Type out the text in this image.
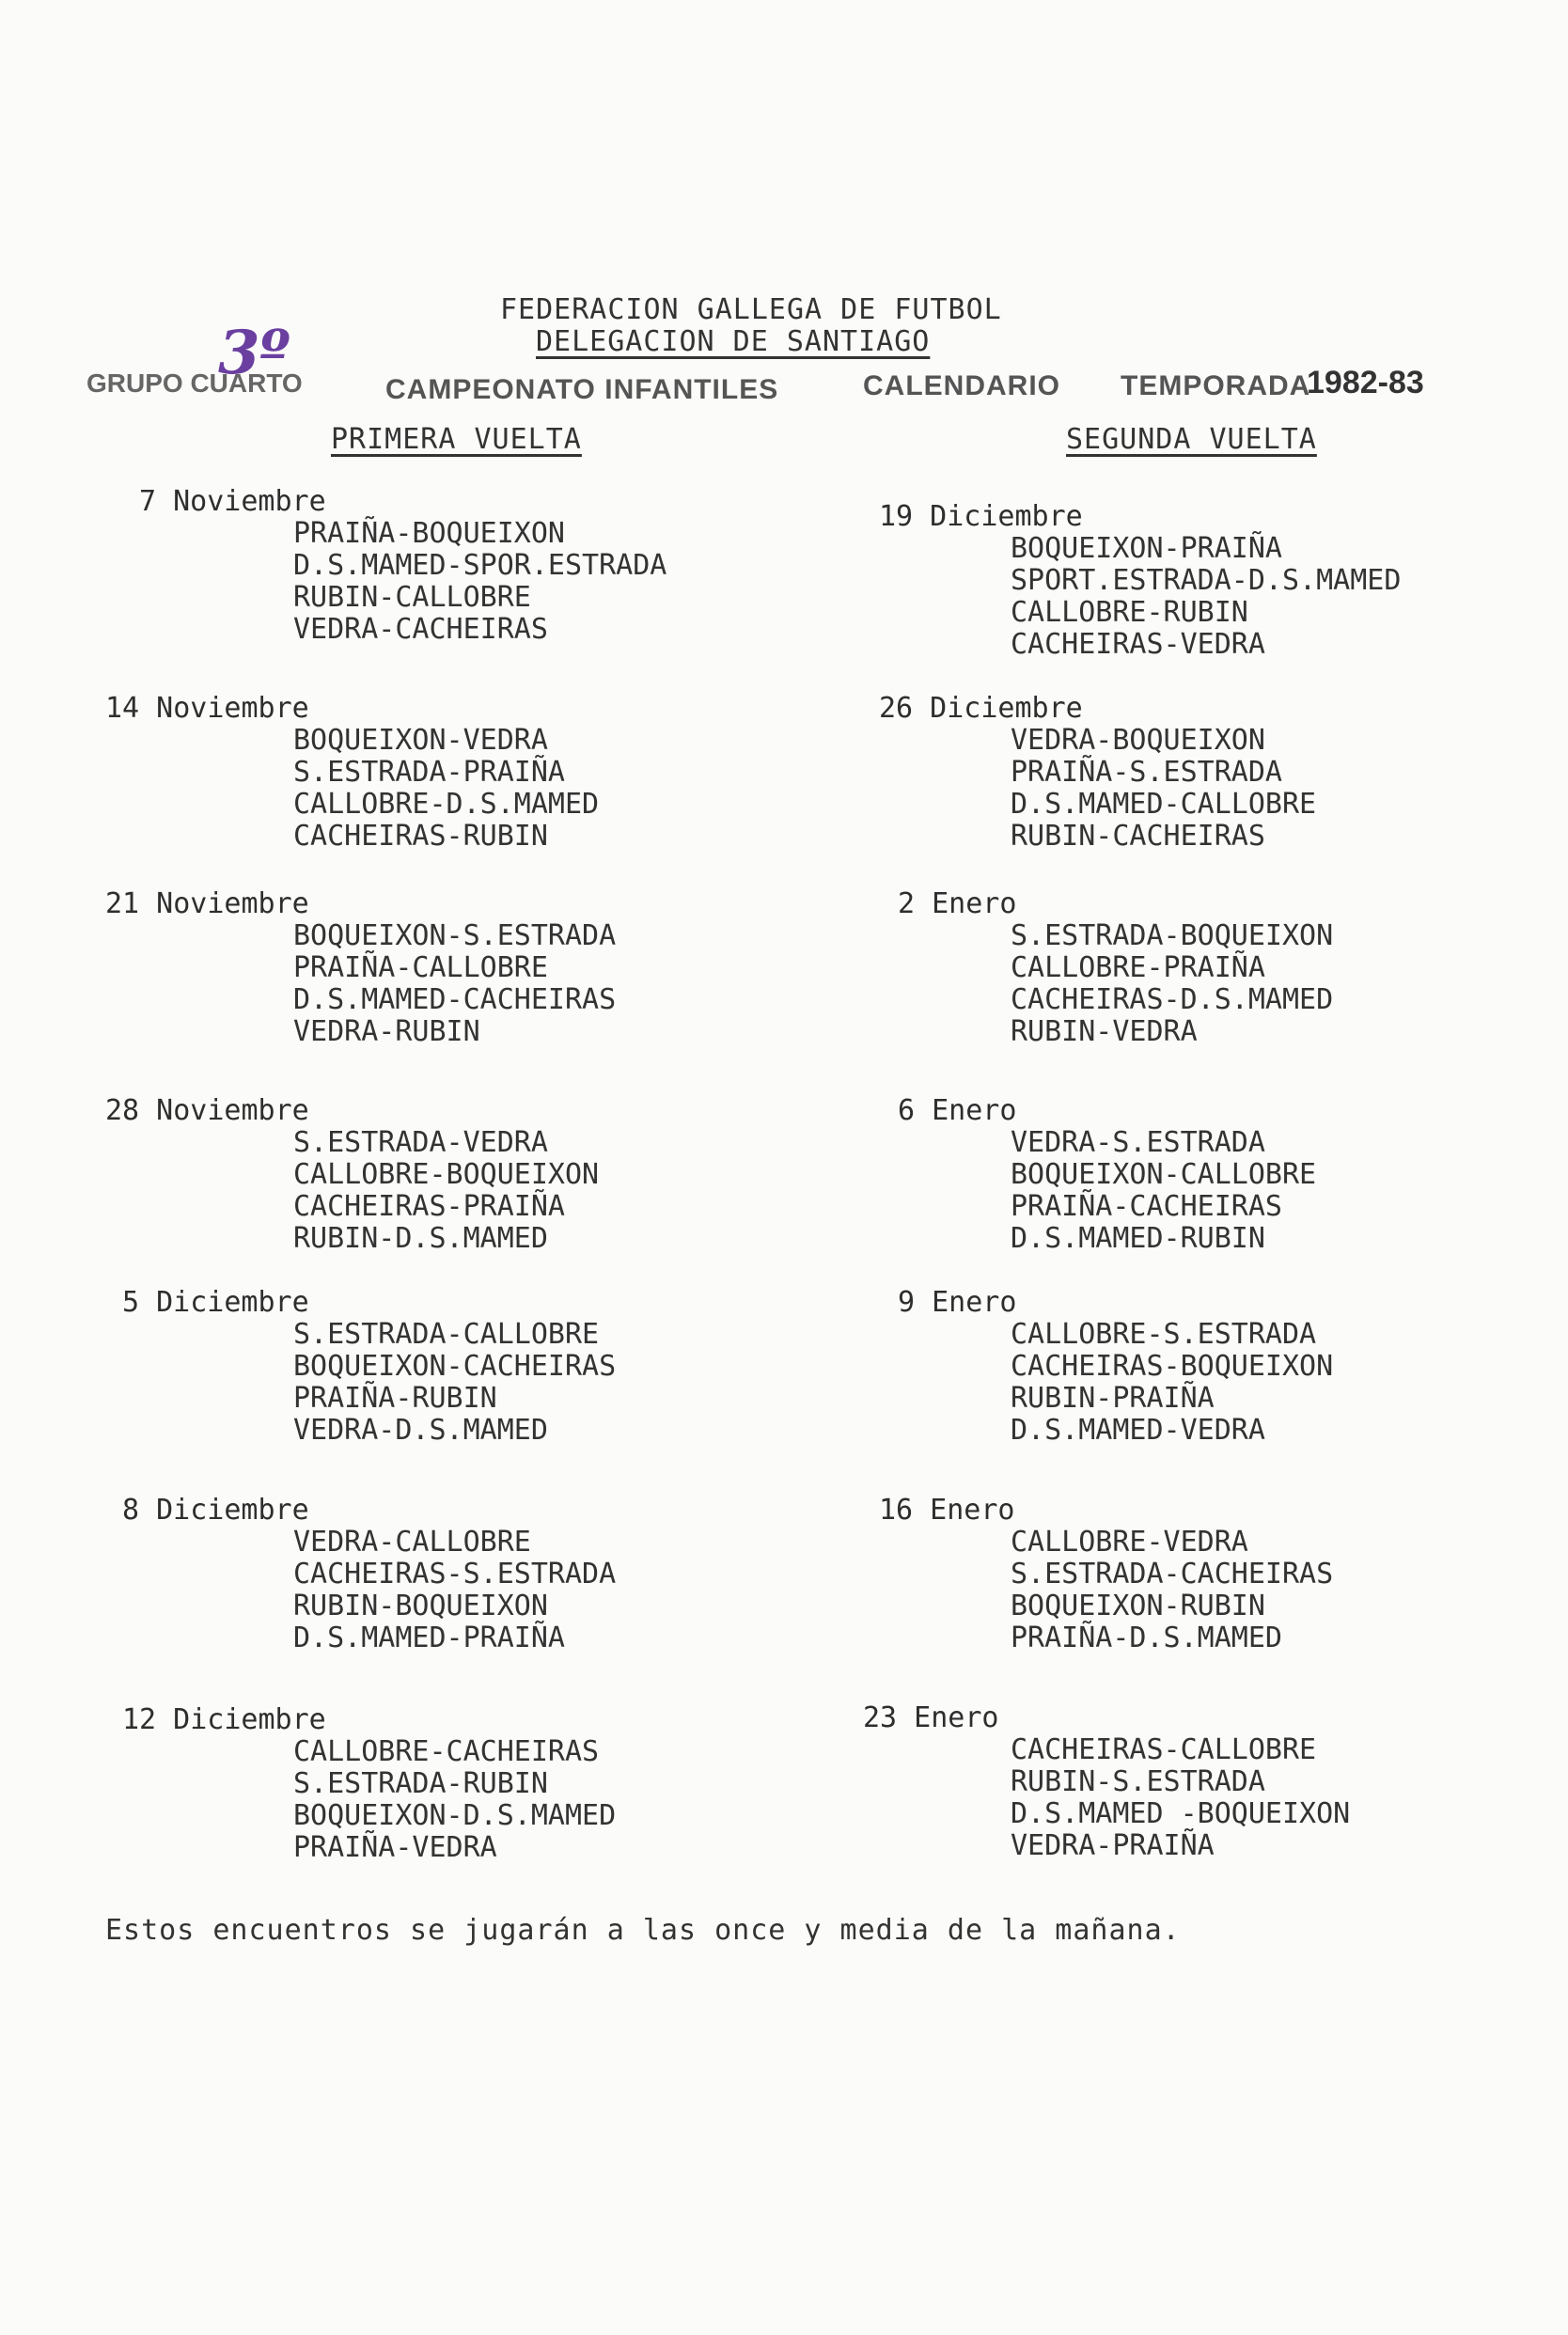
FEDERACION GALLEGA DE FUTBOL
DELEGACION DE SANTIAGO
GRUPO CUARTO
3º
CAMPEONATO INFANTILES	CALENDARIO TEMPORADA
1982-83
PRIMERA VUELTA	SEGUNDA VUELTA
7 Noviembre
PRAIÑA-BOQUEIXON
D.S.MAMED-SPOR.ESTRADA
RUBIN-CALLOBRE
VEDRA-CACHEIRAS
14 Noviembre
BOQUEIXON-VEDRA
S.ESTRADA-PRAIÑA
CALLOBRE-D.S.MAMED
CACHEIRAS-RUBIN
21 Noviembre
BOQUEIXON-S.ESTRADA
PRAIÑA-CALLOBRE
D.S.MAMED-CACHEIRAS
VEDRA-RUBIN
28 Noviembre
S.ESTRADA-VEDRA
CALLOBRE-BOQUEIXON
CACHEIRAS-PRAIÑA
RUBIN-D.S.MAMED
5 Diciembre
S.ESTRADA-CALLOBRE
BOQUEIXON-CACHEIRAS
PRAIÑA-RUBIN
VEDRA-D.S.MAMED
8 Diciembre
VEDRA-CALLOBRE
CACHEIRAS-S.ESTRADA
RUBIN-BOQUEIXON
D.S.MAMED-PRAIÑA
12 Diciembre
CALLOBRE-CACHEIRAS
S.ESTRADA-RUBIN
BOQUEIXON-D.S.MAMED
PRAIÑA-VEDRA
19 Diciembre
BOQUEIXON-PRAIÑA
SPORT.ESTRADA-D.S.MAMED
CALLOBRE-RUBIN
CACHEIRAS-VEDRA
26 Diciembre
VEDRA-BOQUEIXON
PRAIÑA-S.ESTRADA
D.S.MAMED-CALLOBRE
RUBIN-CACHEIRAS
2 Enero
S.ESTRADA-BOQUEIXON
CALLOBRE-PRAIÑA
CACHEIRAS-D.S.MAMED
RUBIN-VEDRA
6 Enero
VEDRA-S.ESTRADA
BOQUEIXON-CALLOBRE
PRAIÑA-CACHEIRAS
D.S.MAMED-RUBIN
9 Enero
CALLOBRE-S.ESTRADA
CACHEIRAS-BOQUEIXON
RUBIN-PRAIÑA
D.S.MAMED-VEDRA
16 Enero
CALLOBRE-VEDRA
S.ESTRADA-CACHEIRAS
BOQUEIXON-RUBIN
PRAIÑA-D.S.MAMED
23 Enero
CACHEIRAS-CALLOBRE
RUBIN-S.ESTRADA
D.S.MAMED -BOQUEIXON
VEDRA-PRAIÑA
Estos encuentros se jugarán a las once y media de la mañana.
